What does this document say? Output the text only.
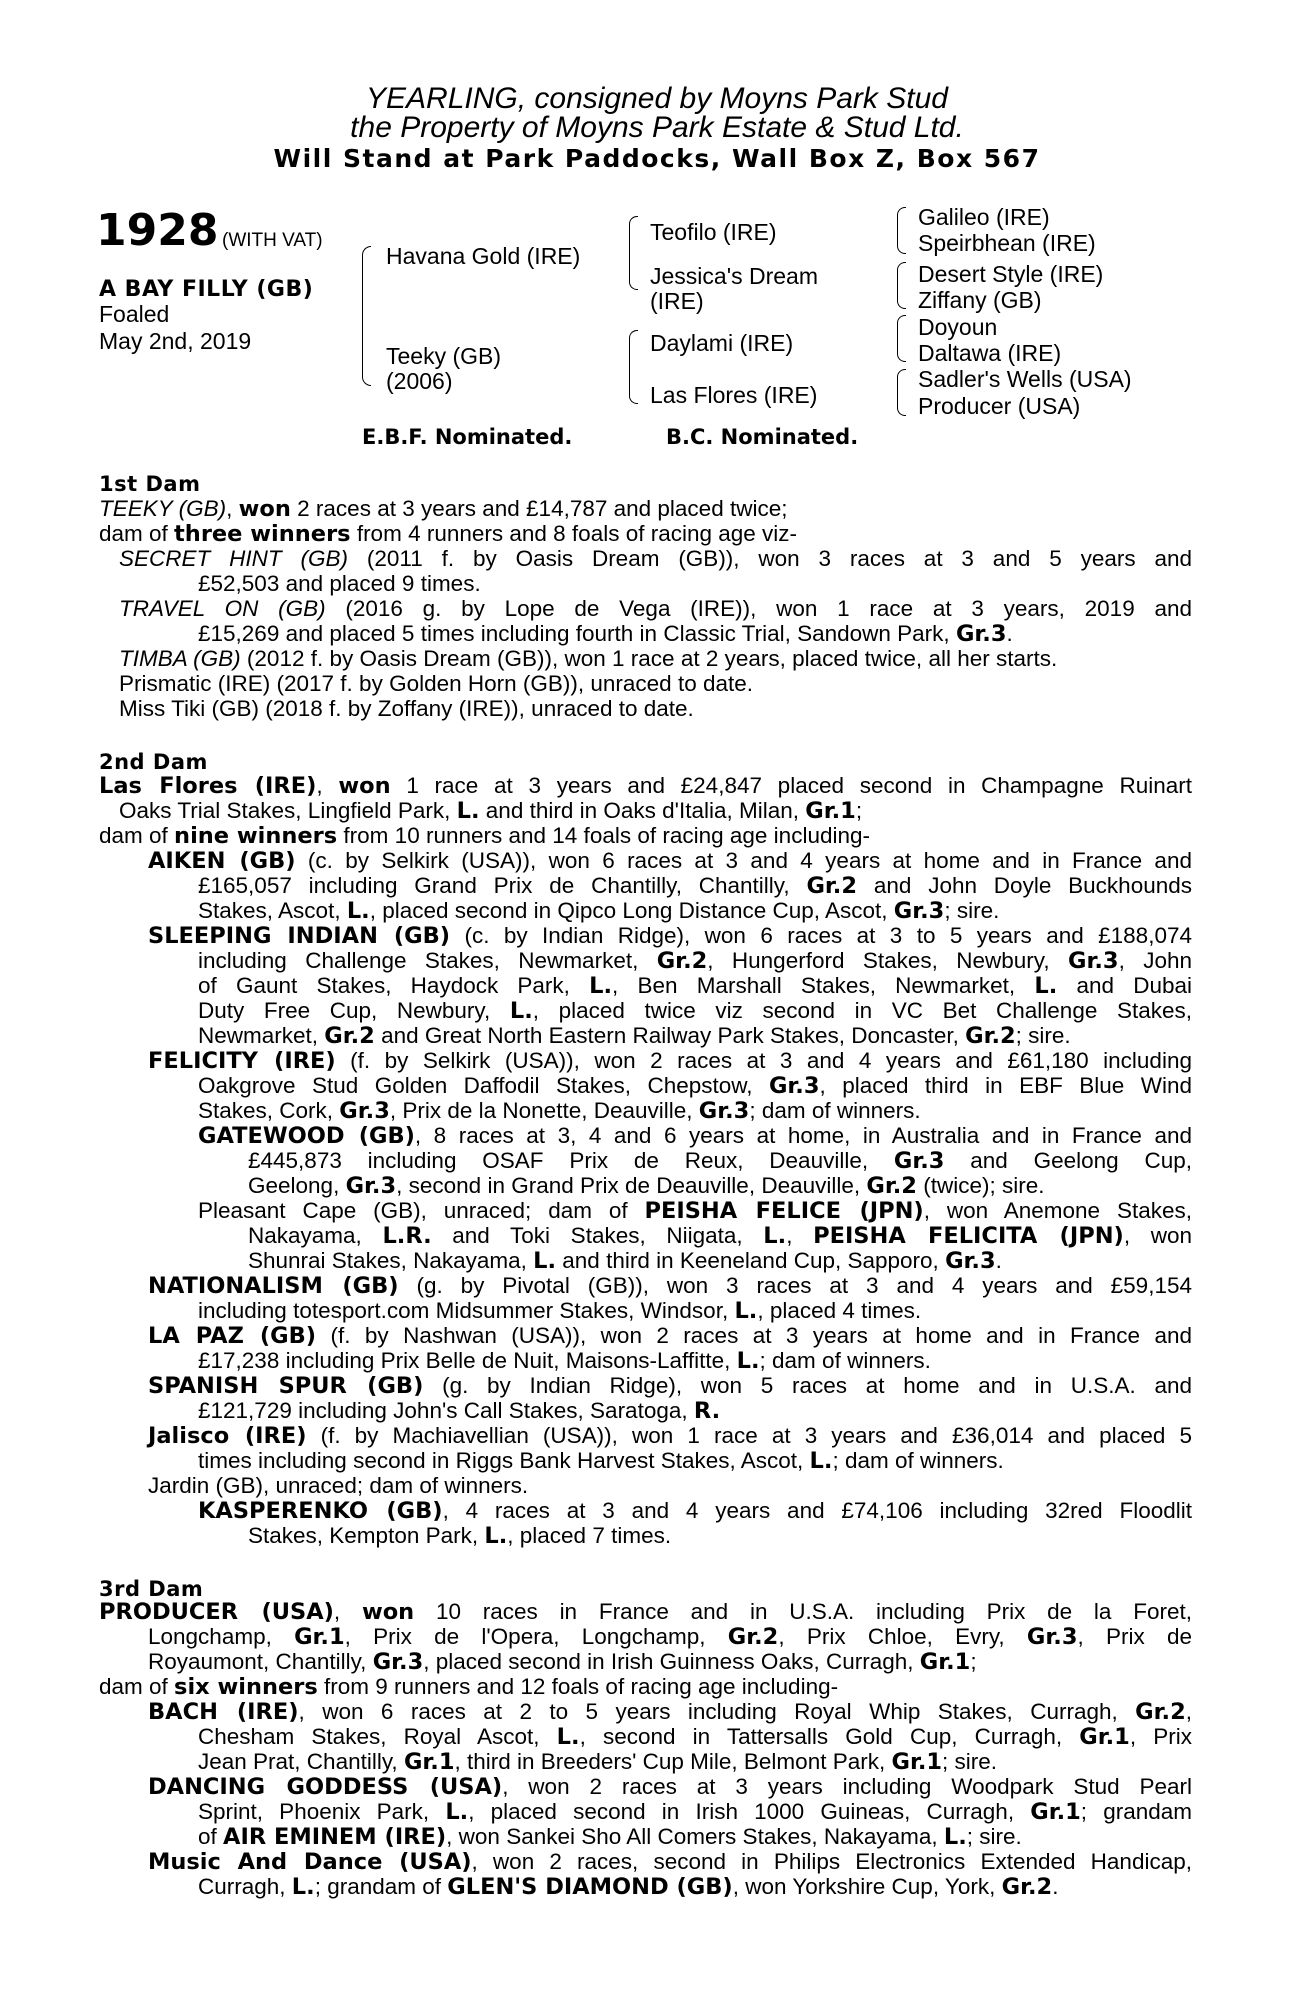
YEARLING, consigned by Moyns Park Stud
the Property of Moyns Park Estate & Stud Ltd.
Will Stand at Park Paddocks, Wall Box Z, Box 567
1928 (WITH VAT)
A BAY FILLY (GB)
Foaled
May 2nd, 2019
Havana Gold (IRE)
Teeky (GB)
(2006)
Teofilo (IRE)
Jessica's Dream
(IRE)
Daylami (IRE)
Las Flores (IRE)
Galileo (IRE)
Speirbhean (IRE)
Desert Style (IRE)
Ziffany (GB)
Doyoun
Daltawa (IRE)
Sadler's Wells (USA)
Producer (USA)
E.B.F. Nominated.	B.C. Nominated.
1st Dam
2nd Dam
3rd Dam
TEEKY (GB), won 2 races at 3 years and £14,787 and placed twice;
dam of three winners from 4 runners and 8 foals of racing age viz-
SECRET HINT (GB) (2011 f. by Oasis Dream (GB)), won 3 races at 3 and 5 years and
£52,503 and placed 9 times.
TRAVEL ON (GB) (2016 g. by Lope de Vega (IRE)), won 1 race at 3 years, 2019 and
£15,269 and placed 5 times including fourth in Classic Trial, Sandown Park, Gr.3.
TIMBA (GB) (2012 f. by Oasis Dream (GB)), won 1 race at 2 years, placed twice, all her starts.
Prismatic (IRE) (2017 f. by Golden Horn (GB)), unraced to date.
Miss Tiki (GB) (2018 f. by Zoffany (IRE)), unraced to date.
Las Flores (IRE), won 1 race at 3 years and £24,847 placed second in Champagne Ruinart
Oaks Trial Stakes, Lingfield Park, L. and third in Oaks d'Italia, Milan, Gr.1;
dam of nine winners from 10 runners and 14 foals of racing age including-
AIKEN (GB) (c. by Selkirk (USA)), won 6 races at 3 and 4 years at home and in France and
£165,057 including Grand Prix de Chantilly, Chantilly, Gr.2 and John Doyle Buckhounds
Stakes, Ascot, L., placed second in Qipco Long Distance Cup, Ascot, Gr.3; sire.
SLEEPING INDIAN (GB) (c. by Indian Ridge), won 6 races at 3 to 5 years and £188,074
including Challenge Stakes, Newmarket, Gr.2, Hungerford Stakes, Newbury, Gr.3, John
of Gaunt Stakes, Haydock Park, L., Ben Marshall Stakes, Newmarket, L. and Dubai
Duty Free Cup, Newbury, L., placed twice viz second in VC Bet Challenge Stakes,
Newmarket, Gr.2 and Great North Eastern Railway Park Stakes, Doncaster, Gr.2; sire.
FELICITY (IRE) (f. by Selkirk (USA)), won 2 races at 3 and 4 years and £61,180 including
Oakgrove Stud Golden Daffodil Stakes, Chepstow, Gr.3, placed third in EBF Blue Wind
Stakes, Cork, Gr.3, Prix de la Nonette, Deauville, Gr.3; dam of winners.
GATEWOOD (GB), 8 races at 3, 4 and 6 years at home, in Australia and in France and
£445,873 including OSAF Prix de Reux, Deauville, Gr.3 and Geelong Cup,
Geelong, Gr.3, second in Grand Prix de Deauville, Deauville, Gr.2 (twice); sire.
Pleasant Cape (GB), unraced; dam of PEISHA FELICE (JPN), won Anemone Stakes,
Nakayama, L.R. and Toki Stakes, Niigata, L., PEISHA FELICITA (JPN), won
Shunrai Stakes, Nakayama, L. and third in Keeneland Cup, Sapporo, Gr.3.
NATIONALISM (GB) (g. by Pivotal (GB)), won 3 races at 3 and 4 years and £59,154
including totesport.com Midsummer Stakes, Windsor, L., placed 4 times.
LA PAZ (GB) (f. by Nashwan (USA)), won 2 races at 3 years at home and in France and
£17,238 including Prix Belle de Nuit, Maisons-Laffitte, L.; dam of winners.
SPANISH SPUR (GB) (g. by Indian Ridge), won 5 races at home and in U.S.A. and
£121,729 including John's Call Stakes, Saratoga, R.
Jalisco (IRE) (f. by Machiavellian (USA)), won 1 race at 3 years and £36,014 and placed 5
times including second in Riggs Bank Harvest Stakes, Ascot, L.; dam of winners.
Jardin (GB), unraced; dam of winners.
KASPERENKO (GB), 4 races at 3 and 4 years and £74,106 including 32red Floodlit
Stakes, Kempton Park, L., placed 7 times.
PRODUCER (USA), won 10 races in France and in U.S.A. including Prix de la Foret,
Longchamp, Gr.1, Prix de l'Opera, Longchamp, Gr.2, Prix Chloe, Evry, Gr.3, Prix de
Royaumont, Chantilly, Gr.3, placed second in Irish Guinness Oaks, Curragh, Gr.1;
dam of six winners from 9 runners and 12 foals of racing age including-
BACH (IRE), won 6 races at 2 to 5 years including Royal Whip Stakes, Curragh, Gr.2,
Chesham Stakes, Royal Ascot, L., second in Tattersalls Gold Cup, Curragh, Gr.1, Prix
Jean Prat, Chantilly, Gr.1, third in Breeders' Cup Mile, Belmont Park, Gr.1; sire.
DANCING GODDESS (USA), won 2 races at 3 years including Woodpark Stud Pearl
Sprint, Phoenix Park, L., placed second in Irish 1000 Guineas, Curragh, Gr.1; grandam
of AIR EMINEM (IRE), won Sankei Sho All Comers Stakes, Nakayama, L.; sire.
Music And Dance (USA), won 2 races, second in Philips Electronics Extended Handicap,
Curragh, L.; grandam of GLEN'S DIAMOND (GB), won Yorkshire Cup, York, Gr.2.
